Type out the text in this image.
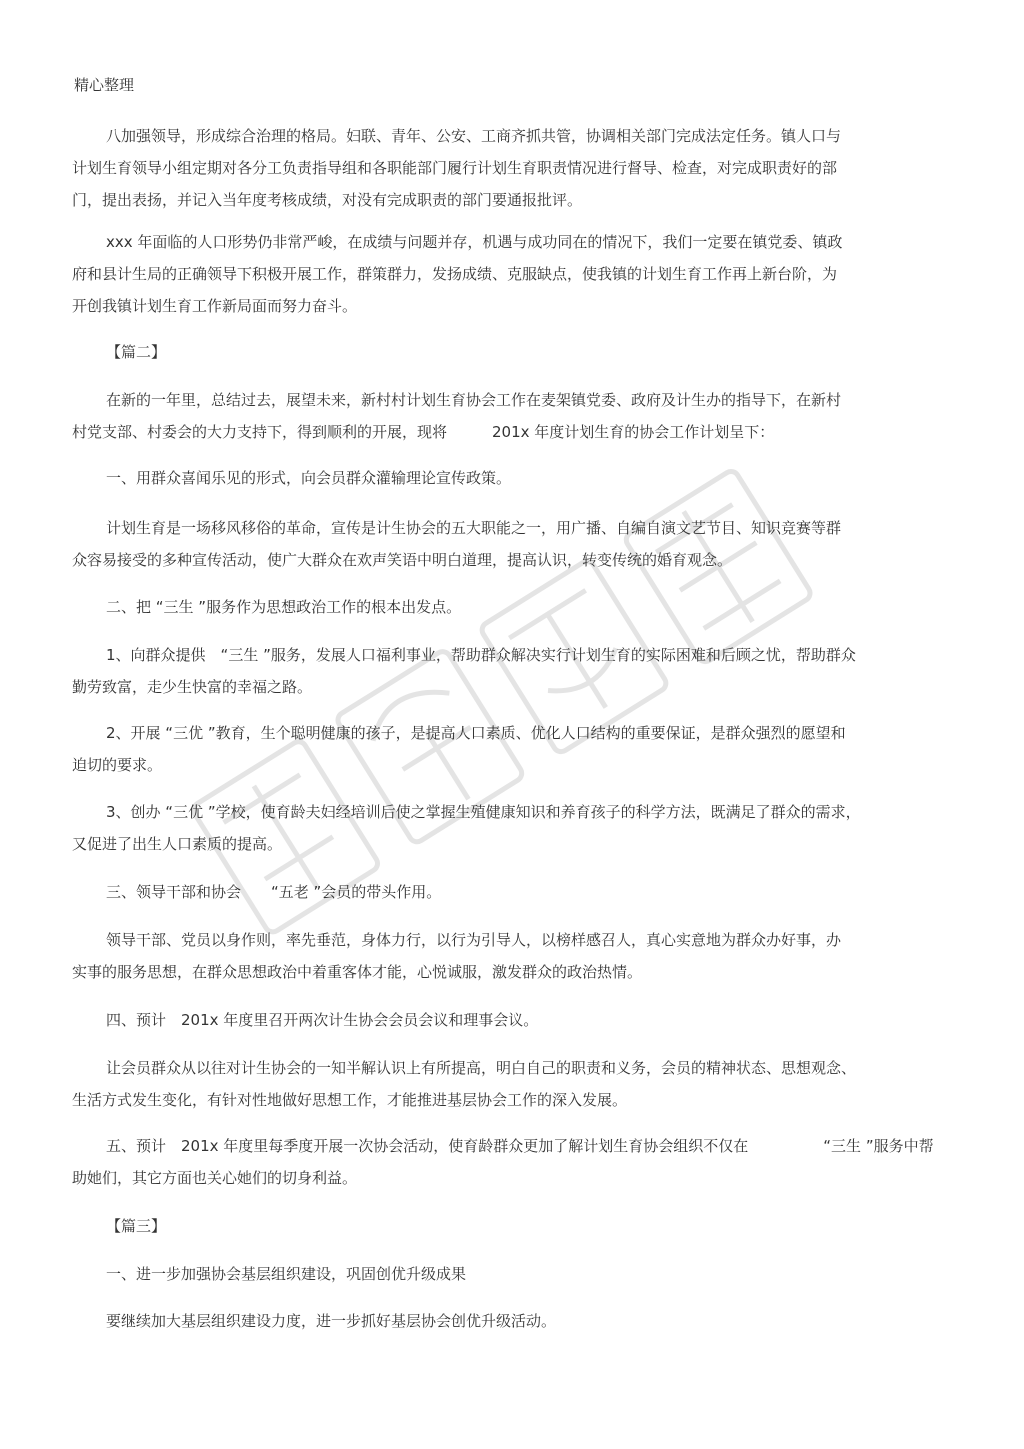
精心整理
八加强领导，形成综合治理的格局。妇联、青年、公安、工商齐抓共管，协调相关部门完成法定任务。镇人口与
计划生育领导小组定期对各分工负责指导组和各职能部门履行计划生育职责情况进行督导、检查，对完成职责好的部
门，提出表扬，并记入当年度考核成绩，对没有完成职责的部门要通报批评。
xxx 年面临的人口形势仍非常严峻，在成绩与问题并存，机遇与成功同在的情况下，我们一定要在镇党委、镇政
府和县计生局的正确领导下积极开展工作，群策群力，发扬成绩、克服缺点，使我镇的计划生育工作再上新台阶，为
开创我镇计划生育工作新局面而努力奋斗。
【篇二】
在新的一年里，总结过去，展望未来，新村村计划生育协会工作在麦架镇党委、政府及计生办的指导下，在新村
村党支部、村委会的大力支持下，得到顺利的开展，现将　　　201x 年度计划生育的协会工作计划呈下：
一、用群众喜闻乐见的形式，向会员群众灌输理论宣传政策。
计划生育是一场移风移俗的革命，宣传是计生协会的五大职能之一，用广播、自编自演文艺节目、知识竞赛等群
众容易接受的多种宣传活动，使广大群众在欢声笑语中明白道理，提高认识，转变传统的婚育观念。
二、把 “三生 ”服务作为思想政治工作的根本出发点。
1、向群众提供　“三生 ”服务，发展人口福利事业，帮助群众解决实行计划生育的实际困难和后顾之忧，帮助群众
勤劳致富，走少生快富的幸福之路。
2、开展 “三优 ”教育，生个聪明健康的孩子，是提高人口素质、优化人口结构的重要保证，是群众强烈的愿望和
迫切的要求。
3、创办 “三优 ”学校，使育龄夫妇经培训后使之掌握生殖健康知识和养育孩子的科学方法，既满足了群众的需求，
又促进了出生人口素质的提高。
三、领导干部和协会　　“五老 ”会员的带头作用。
领导干部、党员以身作则，率先垂范，身体力行，以行为引导人，以榜样感召人，真心实意地为群众办好事，办
实事的服务思想，在群众思想政治中着重客体才能，心悦诚服，激发群众的政治热情。
四、预计　201x 年度里召开两次计生协会会员会议和理事会议。
让会员群众从以往对计生协会的一知半解认识上有所提高，明白自己的职责和义务，会员的精神状态、思想观念、
生活方式发生变化，有针对性地做好思想工作，才能推进基层协会工作的深入发展。
五、预计　201x 年度里每季度开展一次协会活动，使育龄群众更加了解计划生育协会组织不仅在　　　　　“三生 ”服务中帮
助她们，其它方面也关心她们的切身利益。
【篇三】
一、进一步加强协会基层组织建设，巩固创优升级成果
要继续加大基层组织建设力度，进一步抓好基层协会创优升级活动。
